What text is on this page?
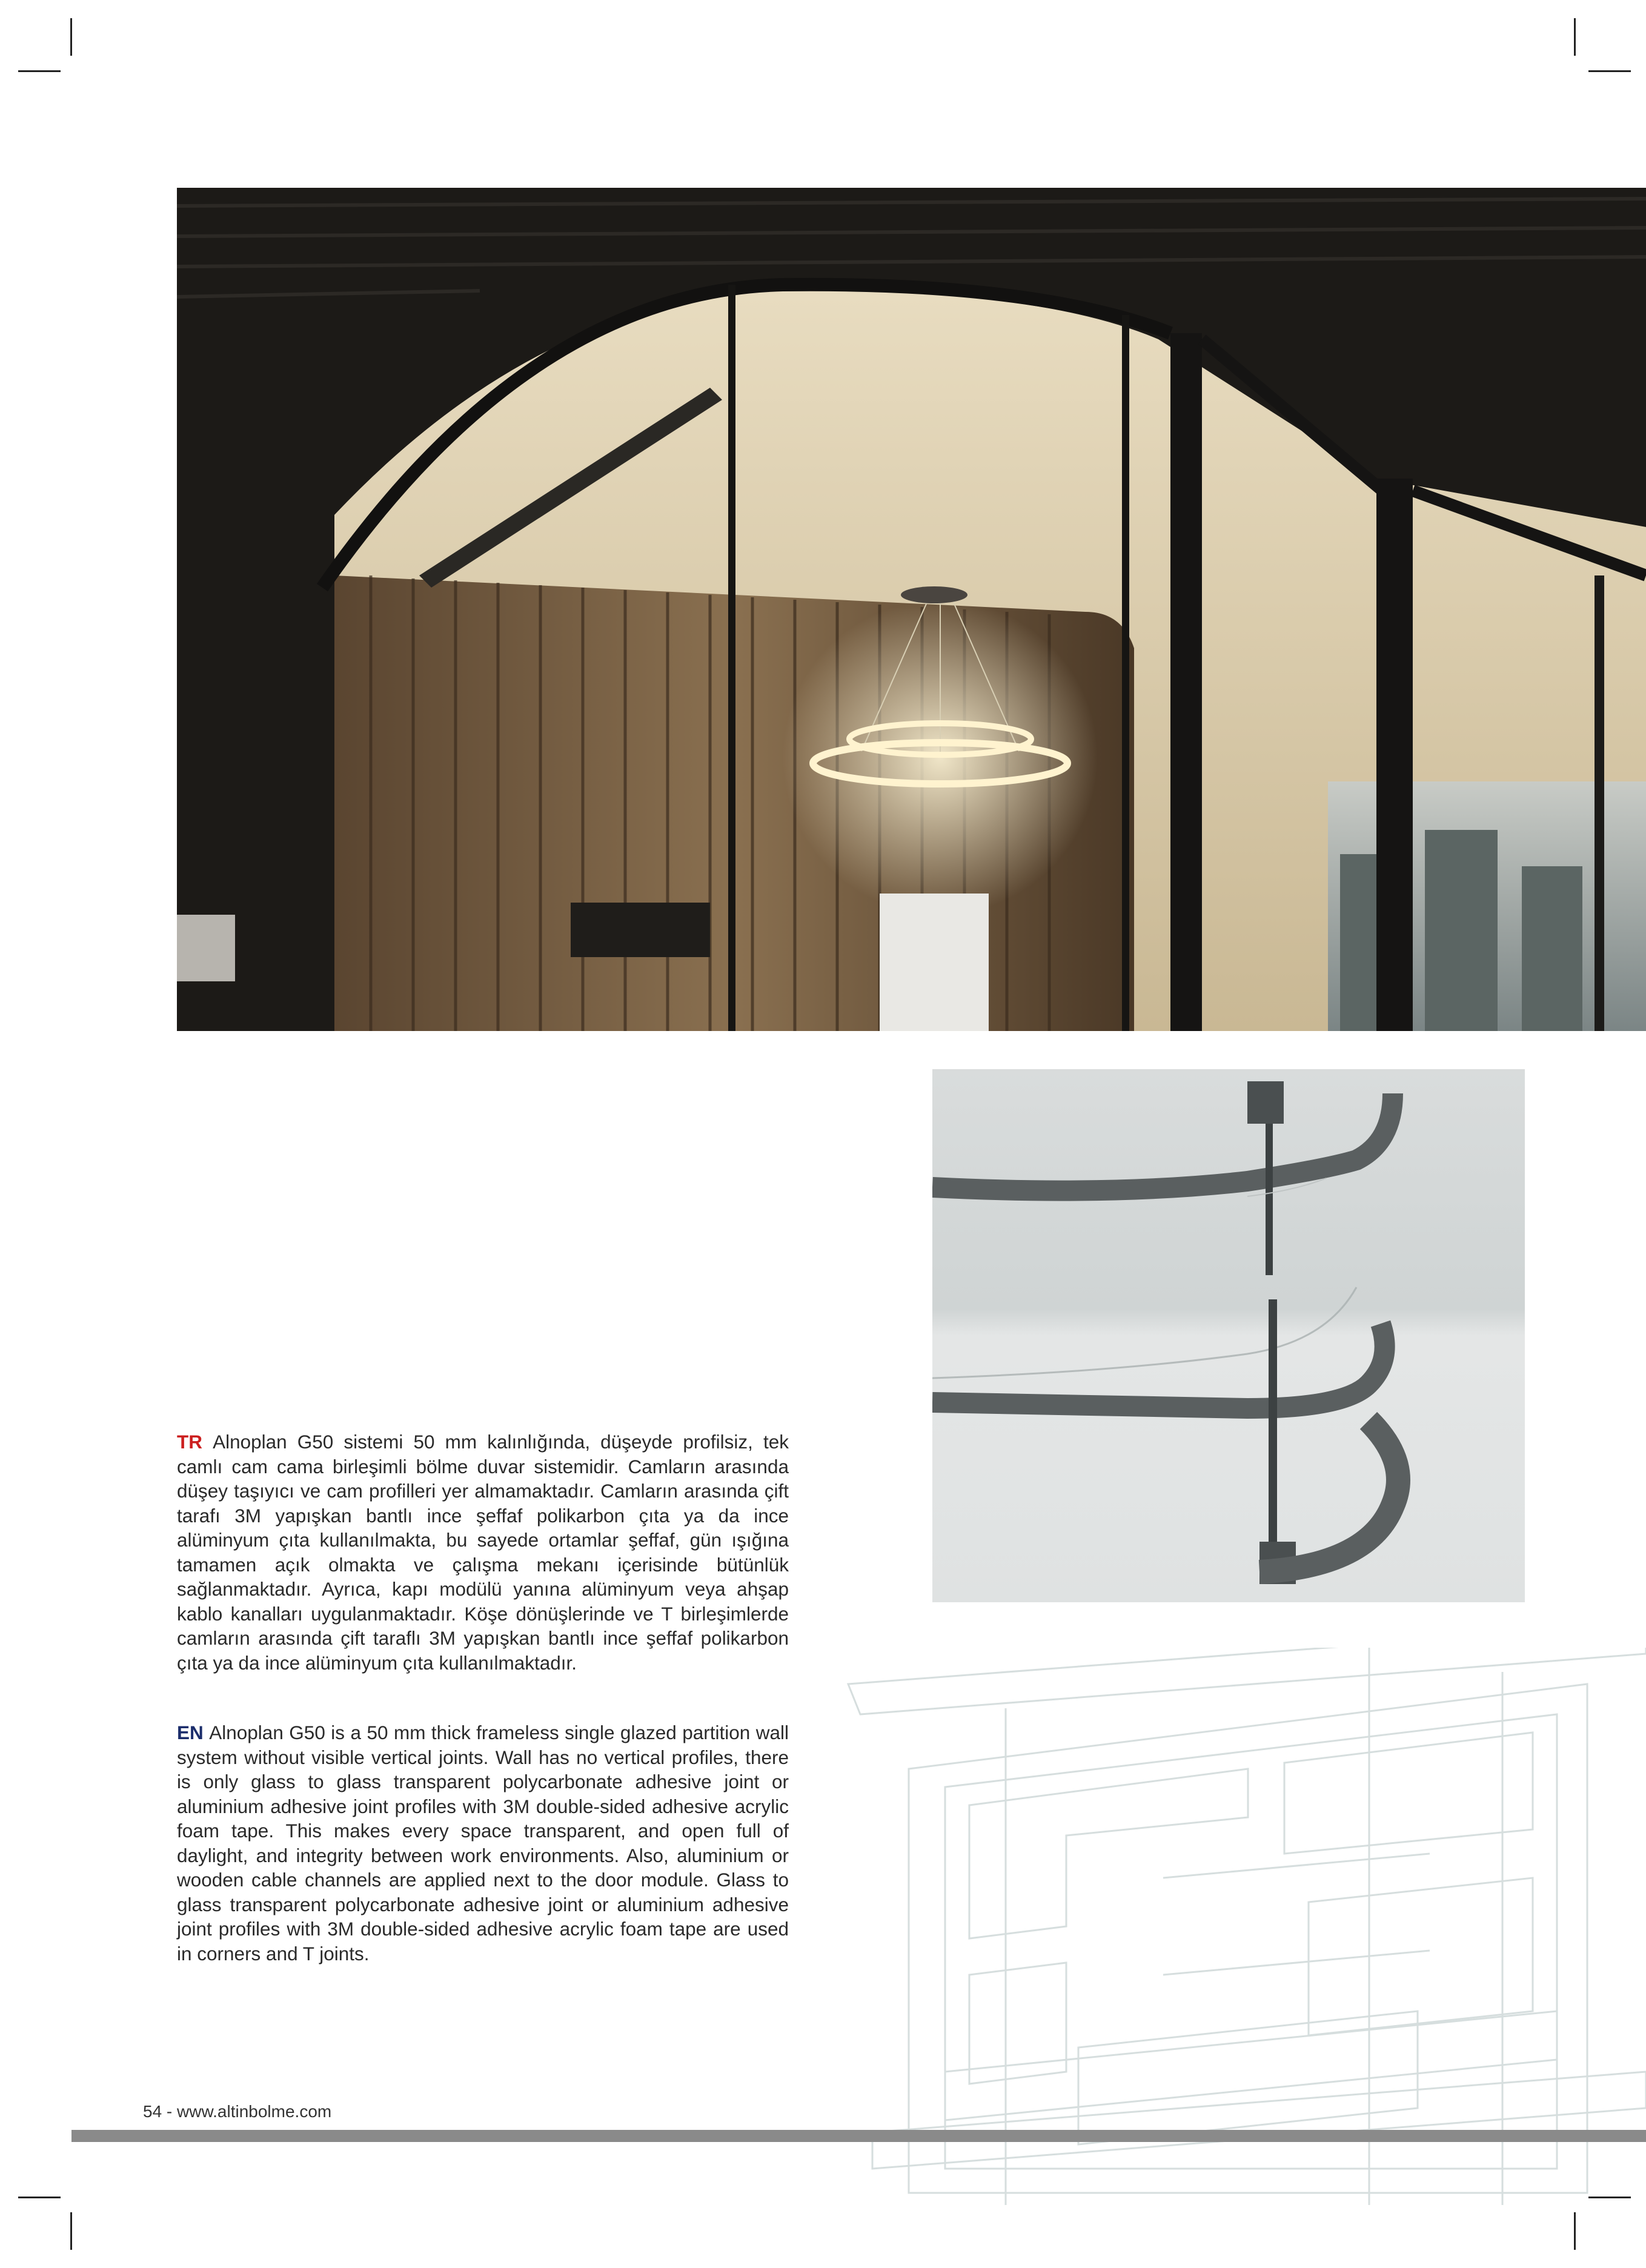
TR Alnoplan G50 sistemi 50 mm kalınlığında, düşeyde profilsiz, tek camlı cam cama birleşimli bölme duvar sistemidir. Camların arasında düşey taşıyıcı ve cam profilleri yer almamaktadır. Camların arasında çift tarafı 3M yapışkan bantlı ince şeffaf polikarbon çıta ya da ince alüminyum çıta kullanılmakta, bu sayede ortamlar şeffaf, gün ışığına tamamen açık olmakta ve çalışma mekanı içerisinde bütünlük sağlanmaktadır. Ayrıca, kapı modülü yanına alüminyum veya ahşap kablo kanalları uygulanmaktadır. Köşe dönüşlerinde ve T birleşimlerde camların arasında çift taraflı 3M yapışkan bantlı ince şeffaf polikarbon çıta ya da ince alüminyum çıta kullanılmaktadır.
EN Alnoplan G50 is a 50 mm thick frameless single glazed partition wall system without visible vertical joints. Wall has no vertical profiles, there is only glass to glass transparent polycarbonate adhesive joint or aluminium adhesive joint profiles with 3M double-sided adhesive acrylic foam tape. This makes every space transparent, and open full of daylight, and integrity between work environments. Also, aluminium or wooden cable channels are applied next to the door module. Glass to glass transparent polycarbonate adhesive joint or aluminium adhesive joint profiles with 3M double-sided adhesive acrylic foam tape are used in corners and T joints.
54 - www.altinbolme.com
